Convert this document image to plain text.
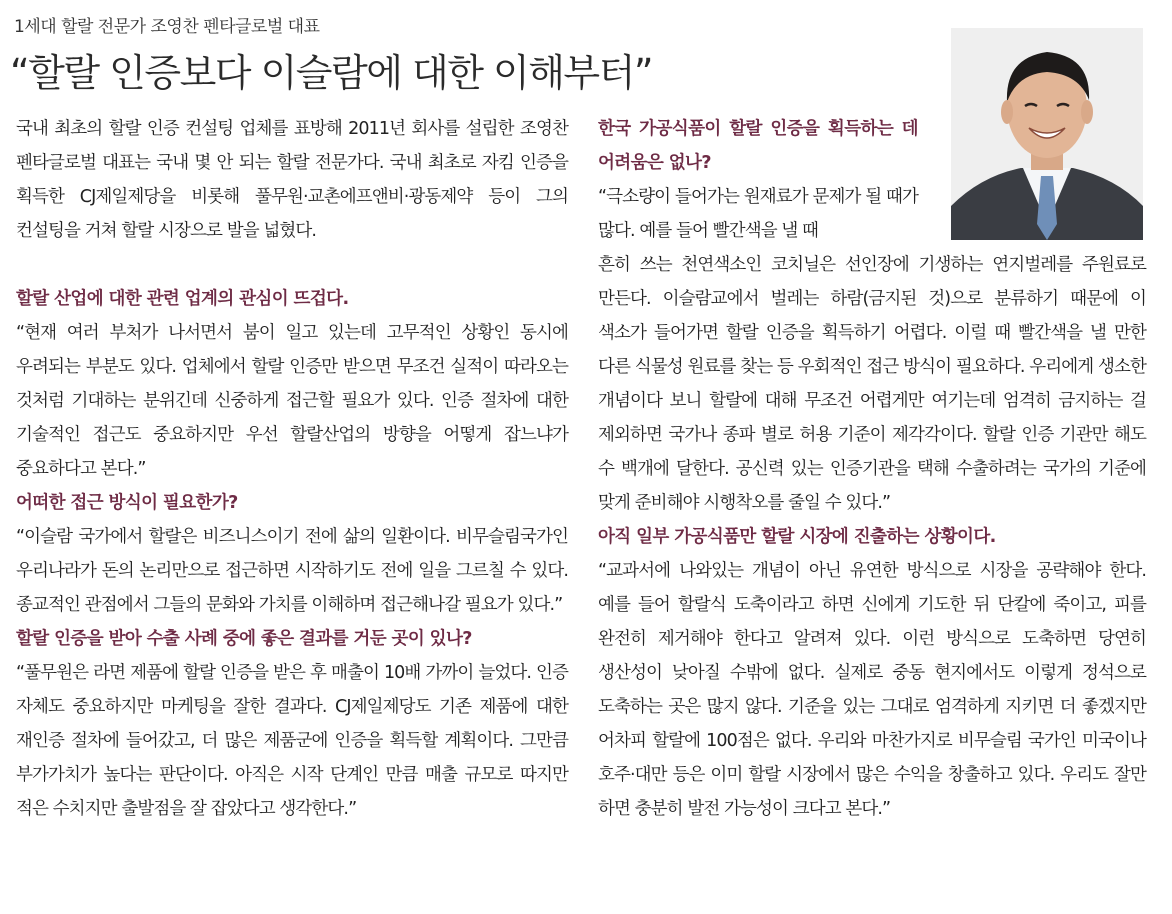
1세대 할랄 전문가 조영찬 펜타글로벌 대표
“할랄 인증보다 이슬람에 대한 이해부터”

국내 최초의 할랄 인증 컨설팅 업체를 표방해 2011년 회사를 설립한 조영찬 펜타글로벌 대표는 국내 몇 안 되는 할랄 전문가다. 국내 최초로 자킴 인증을 획득한 CJ제일제당을 비롯해 풀무원·교촌에프앤비·광동제약 등이 그의 컨설팅을 거쳐 할랄 시장으로 발을 넓혔다.

할랄 산업에 대한 관련 업계의 관심이 뜨겁다.

“현재 여러 부처가 나서면서 붐이 일고 있는데 고무적인 상황인 동시에 우려되는 부분도 있다. 업체에서 할랄 인증만 받으면 무조건 실적이 따라오는 것처럼 기대하는 분위긴데 신중하게 접근할 필요가 있다. 인증 절차에 대한 기술적인 접근도 중요하지만 우선 할랄산업의 방향을 어떻게 잡느냐가 중요하다고 본다.”

어떠한 접근 방식이 필요한가?

“이슬람 국가에서 할랄은 비즈니스이기 전에 삶의 일환이다. 비무슬림국가인 우리나라가 돈의 논리만으로 접근하면 시작하기도 전에 일을 그르칠 수 있다. 종교적인 관점에서 그들의 문화와 가치를 이해하며 접근해나갈 필요가 있다.”

할랄 인증을 받아 수출 사례 중에 좋은 결과를 거둔 곳이 있나?

“풀무원은 라면 제품에 할랄 인증을 받은 후 매출이 10배 가까이 늘었다. 인증 자체도 중요하지만 마케팅을 잘한 결과다. CJ제일제당도 기존 제품에 대한 재인증 절차에 들어갔고, 더 많은 제품군에 인증을 획득할 계획이다. 그만큼 부가가치가 높다는 판단이다. 아직은 시작 단계인 만큼 매출 규모로 따지만 적은 수치지만 출발점을 잘 잡았다고 생각한다.”

한국 가공식품이 할랄 인증을 획득하는 데 어려움은 없나?

“극소량이 들어가는 원재료가 문제가 될 때가 많다. 예를 들어 빨간색을 낼 때

흔히 쓰는 천연색소인 코치닐은 선인장에 기생하는 연지벌레를 주원료로 만든다. 이슬람교에서 벌레는 하람(금지된 것)으로 분류하기 때문에 이 색소가 들어가면 할랄 인증을 획득하기 어렵다. 이럴 때 빨간색을 낼 만한 다른 식물성 원료를 찾는 등 우회적인 접근 방식이 필요하다. 우리에게 생소한 개념이다 보니 할랄에 대해 무조건 어렵게만 여기는데 엄격히 금지하는 걸 제외하면 국가나 종파 별로 허용 기준이 제각각이다. 할랄 인증 기관만 해도 수 백개에 달한다. 공신력 있는 인증기관을 택해 수출하려는 국가의 기준에 맞게 준비해야 시행착오를 줄일 수 있다.”

아직 일부 가공식품만 할랄 시장에 진출하는 상황이다.

“교과서에 나와있는 개념이 아닌 유연한 방식으로 시장을 공략해야 한다. 예를 들어 할랄식 도축이라고 하면 신에게 기도한 뒤 단칼에 죽이고, 피를 완전히 제거해야 한다고 알려져 있다. 이런 방식으로 도축하면 당연히 생산성이 낮아질 수밖에 없다. 실제로 중동 현지에서도 이렇게 정석으로 도축하는 곳은 많지 않다. 기준을 있는 그대로 엄격하게 지키면 더 좋겠지만 어차피 할랄에 100점은 없다. 우리와 마찬가지로 비무슬림 국가인 미국이나 호주·대만 등은 이미 할랄 시장에서 많은 수익을 창출하고 있다. 우리도 잘만 하면 충분히 발전 가능성이 크다고 본다.”
